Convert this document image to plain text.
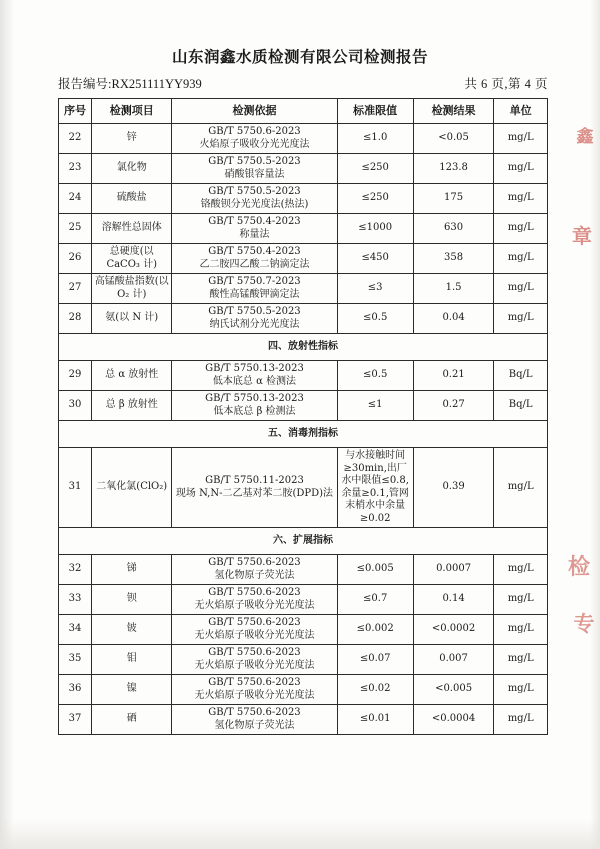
山东润鑫水质检测有限公司检测报告
报告编号:RX251111YY939	共 6 页,第 4 页
序号	检测项目	检测依据	标准限值	检测结果	单位
22	锌	GB/T 5750.6-2023
火焰原子吸收分光光度法	≤1.0	<0.05	mg/L
23	氯化物	GB/T 5750.5-2023
硝酸银容量法	≤250	123.8	mg/L
24	硫酸盐	GB/T 5750.5-2023
铬酸钡分光光度法(热法)	≤250	175	mg/L
25	溶解性总固体	GB/T 5750.4-2023
称量法	≤1000	630	mg/L
26	总硬度(以 CaCO₃ 计)	GB/T 5750.4-2023
乙二胺四乙酸二钠滴定法	≤450	358	mg/L
27	高锰酸盐指数(以 O₂ 计)	GB/T 5750.7-2023
酸性高锰酸钾滴定法	≤3	1.5	mg/L
28	氨(以 N 计)	GB/T 5750.5-2023
纳氏试剂分光光度法	≤0.5	0.04	mg/L
四、放射性指标					
29	总 α 放射性	GB/T 5750.13-2023
低本底总 α 检测法	≤0.5	0.21	Bq/L
30	总 β 放射性	GB/T 5750.13-2023
低本底总 β 检测法	≤1	0.27	Bq/L
五、消毒剂指标					
31	二氧化氯(ClO₂)	GB/T 5750.11-2023
现场 N,N-二乙基对苯二胺(DPD)法	与水接触时间≥30min,出厂水中限值≤0.8,余量≥0.1,管网末梢水中余量≥0.02	0.39	mg/L
六、扩展指标					
32	锑	GB/T 5750.6-2023
氢化物原子荧光法	≤0.005	0.0007	mg/L
33	钡	GB/T 5750.6-2023
无火焰原子吸收分光光度法	≤0.7	0.14	mg/L
34	铍	GB/T 5750.6-2023
无火焰原子吸收分光光度法	≤0.002	<0.0002	mg/L
35	钼	GB/T 5750.6-2023
无火焰原子吸收分光光度法	≤0.07	0.007	mg/L
36	镍	GB/T 5750.6-2023
无火焰原子吸收分光光度法	≤0.02	<0.005	mg/L
37	硒	GB/T 5750.6-2023
氢化物原子荧光法	≤0.01	<0.0004	mg/L
鑫
章
检
专
